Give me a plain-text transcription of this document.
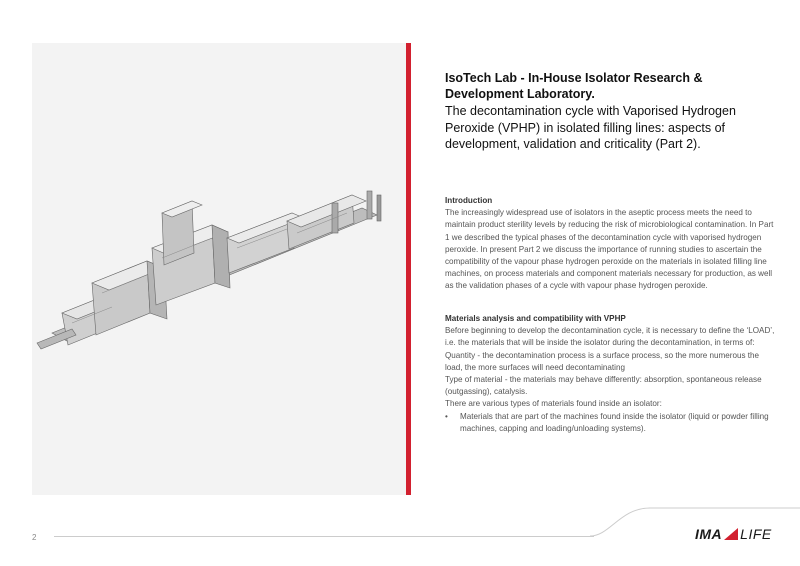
IsoTech Lab - In-House Isolator Research & Development Laboratory.
The decontamination cycle with Vaporised Hydrogen Peroxide (VPHP) in isolated filling lines: aspects of development, validation and criticality (Part 2).
Introduction

The increasingly widespread use of isolators in the aseptic process meets the need to maintain product sterility levels by reducing the risk of microbiological contamination. In Part 1 we described the typical phases of the decontamination cycle with vaporised hydrogen peroxide. In present Part 2 we discuss the importance of running studies to ascertain the compatibility of the vapour phase hydrogen peroxide on the materials in isolated filling line machines, on process materials and component materials necessary for production, as well as the validation phases of a cycle with vapour phase hydrogen peroxide.

Materials analysis and compatibility with VPHP

Before beginning to develop the decontamination cycle, it is necessary to define the ‘LOAD’, i.e. the materials that will be inside the isolator during the decontamination, in terms of:

Quantity - the decontamination process is a surface process, so the more numerous the load, the more surfaces will need decontaminating

Type of material - the materials may behave differently: absorption, spontaneous release (outgassing), catalysis.

There are various types of materials found inside an isolator:

•	Materials that are part of the machines found inside the isolator (liquid or powder filling machines, capping and loading/unloading systems).
2	IMA LIFE
